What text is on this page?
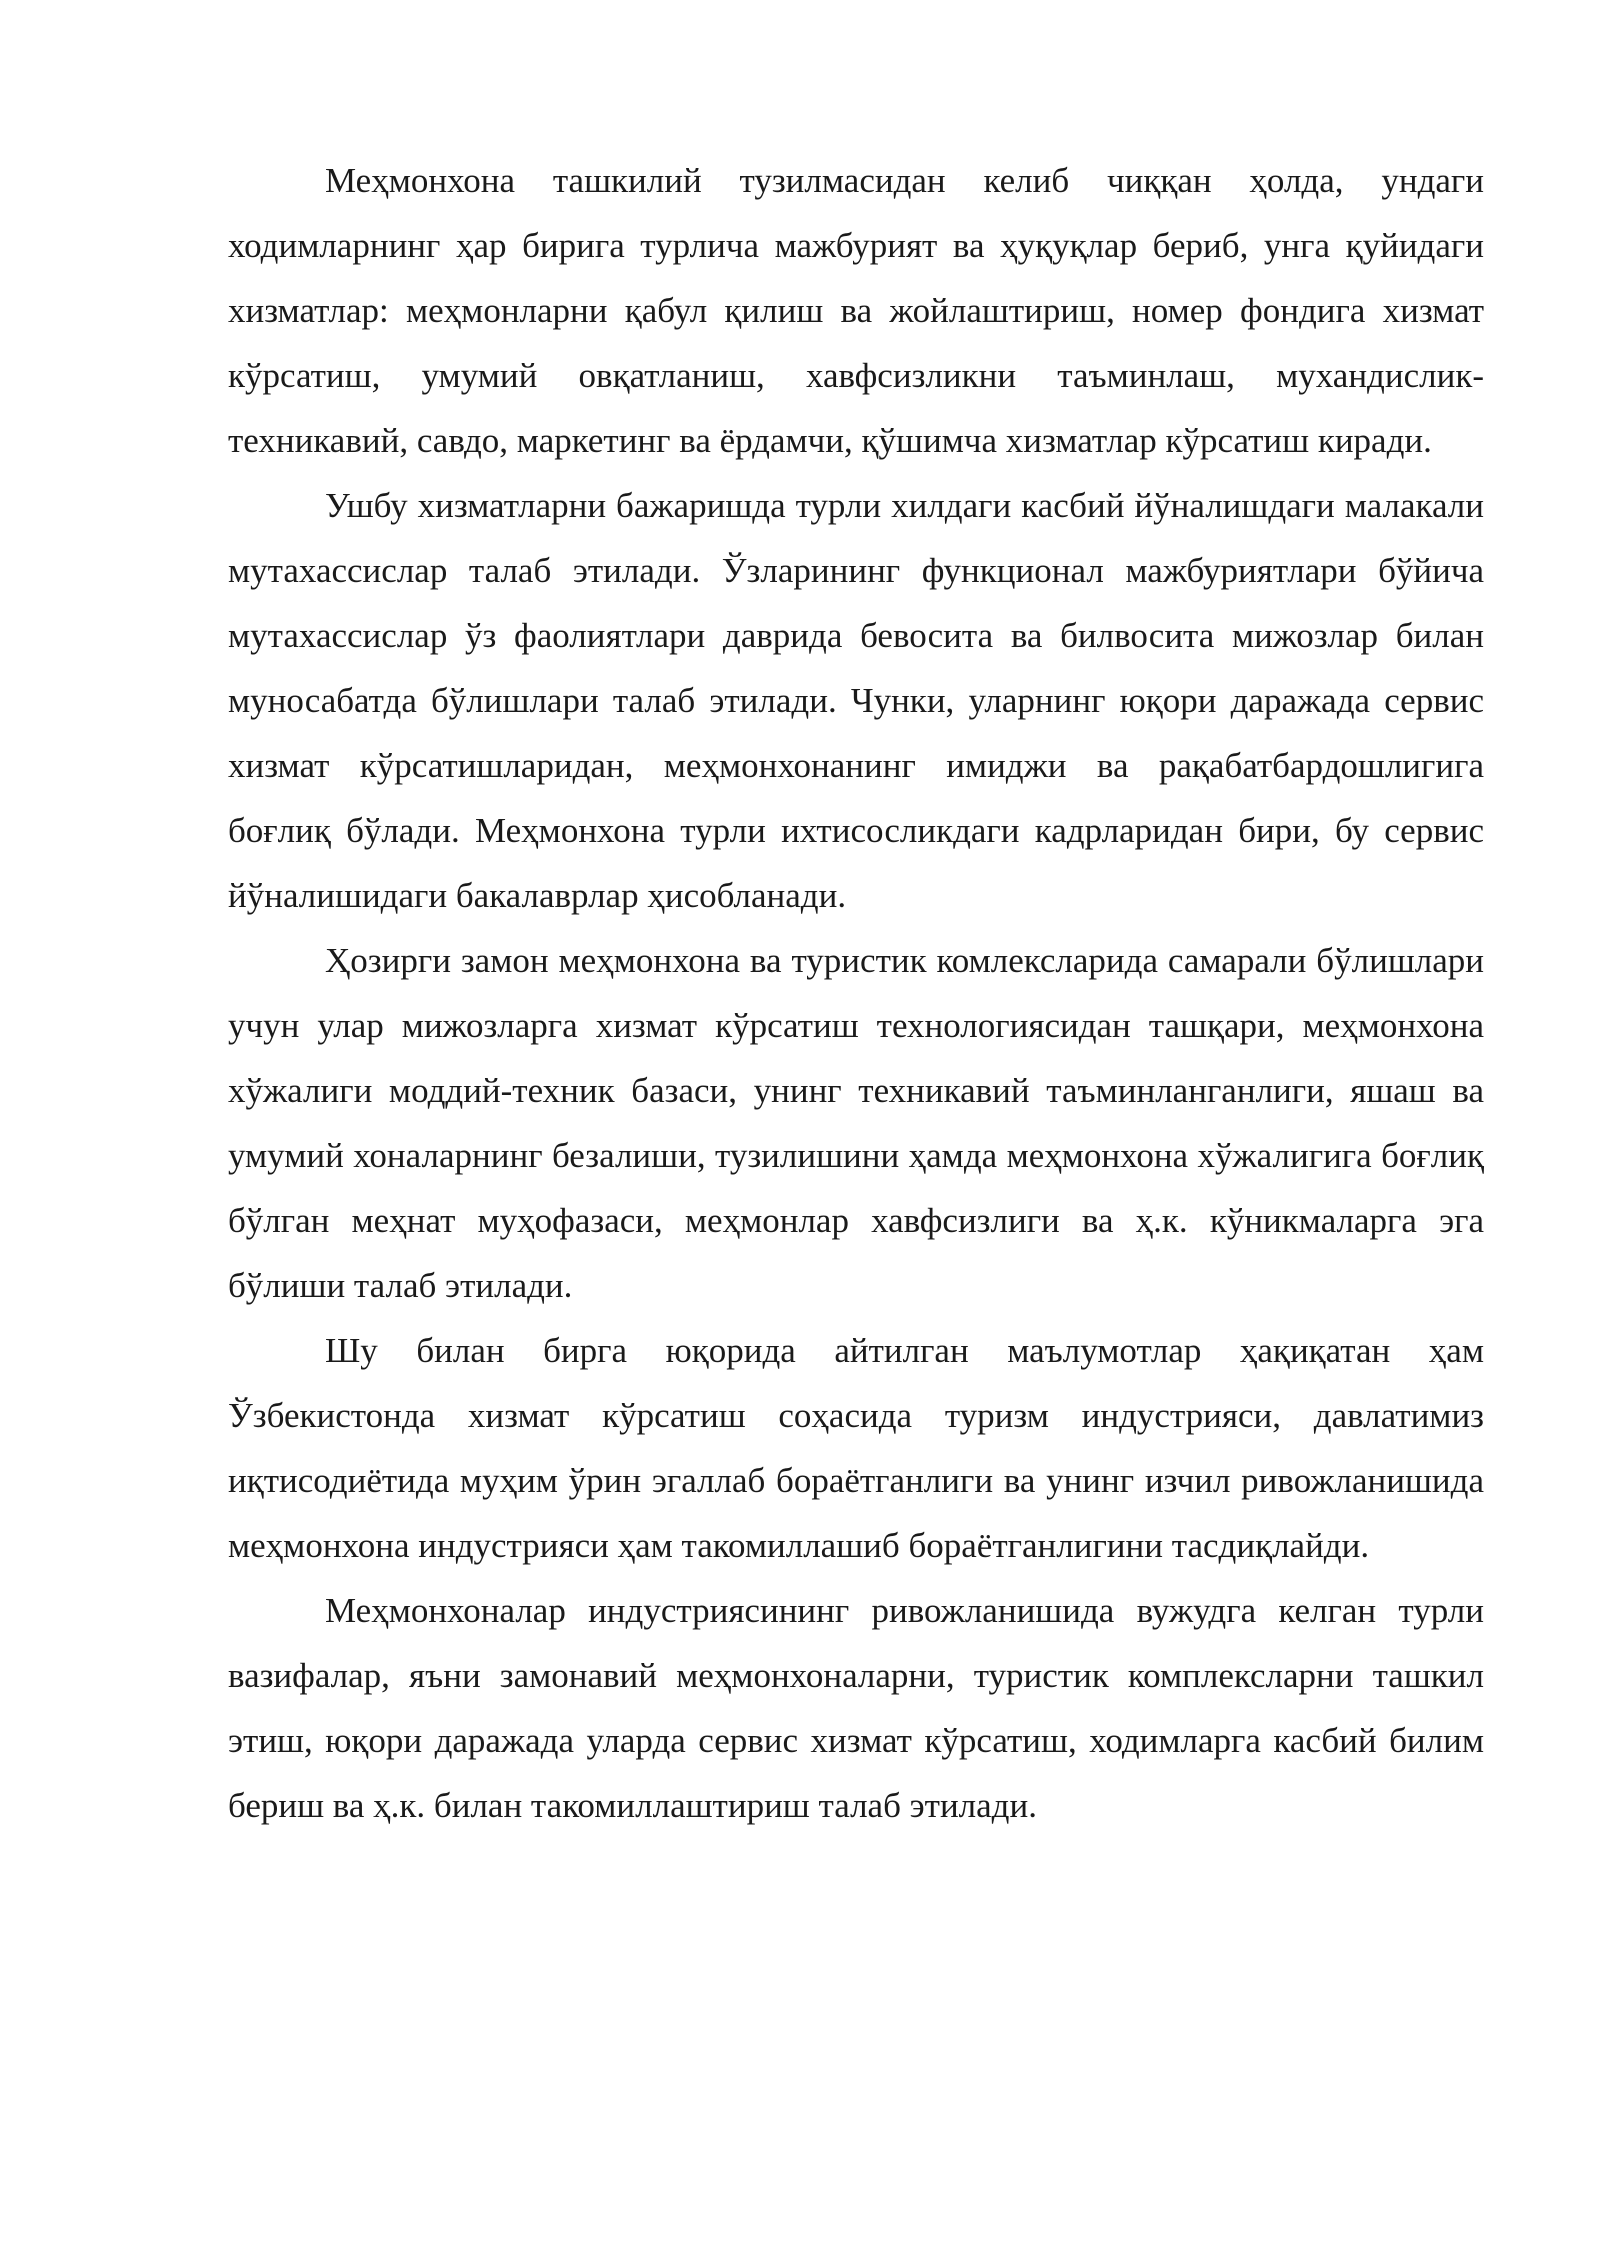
Меҳмонхона ташкилий тузилмасидан келиб чиққан ҳолда, ундаги ходимларнинг ҳар бирига турлича мажбурият ва ҳуқуқлар бериб, унга қуйидаги хизматлар: меҳмонларни қабул қилиш ва жойлаштириш, номер фондига хизмат кўрсатиш, умумий овқатланиш, хавфсизликни таъминлаш, мухандислик-техникавий, савдо, маркетинг ва ёрдамчи, қўшимча хизматлар кўрсатиш киради.

Ушбу хизматларни бажаришда турли хилдаги касбий йўналишдаги малакали мутахассислар талаб этилади. Ўзларининг функционал мажбуриятлари бўйича мутахассислар ўз фаолиятлари даврида бевосита ва билвосита мижозлар билан муносабатда бўлишлари талаб этилади. Чунки, уларнинг юқори даражада сервис хизмат кўрсатишларидан, меҳмонхонанинг имиджи ва рақабатбардошлигига боғлиқ бўлади. Меҳмонхона турли ихтисосликдаги кадрларидан бири, бу сервис йўналишидаги бакалаврлар ҳисобланади.

Ҳозирги замон меҳмонхона ва туристик комлексларида самарали бўлишлари учун улар мижозларга хизмат кўрсатиш технологиясидан ташқари, меҳмонхона хўжалиги моддий-техник базаси, унинг техникавий таъминланганлиги, яшаш ва умумий хоналарнинг безалиши, тузилишини ҳамда меҳмонхона хўжалигига боғлиқ бўлган меҳнат муҳофазаси, меҳмонлар хавфсизлиги ва ҳ.к. кўникмаларга эга бўлиши талаб этилади.

Шу билан бирга юқорида айтилган маълумотлар ҳақиқатан ҳам Ўзбекистонда хизмат кўрсатиш соҳасида туризм индустрияси, давлатимиз иқтисодиётида муҳим ўрин эгаллаб бораётганлиги ва унинг изчил ривожланишида меҳмонхона индустрияси ҳам такомиллашиб бораётганлигини тасдиқлайди.

Меҳмонхоналар индустриясининг ривожланишида вужудга келган турли вазифалар, яъни замонавий меҳмонхоналарни, туристик комплексларни ташкил этиш, юқори даражада уларда сервис хизмат кўрсатиш, ходимларга касбий билим бериш ва ҳ.к. билан такомиллаштириш талаб этилади.
